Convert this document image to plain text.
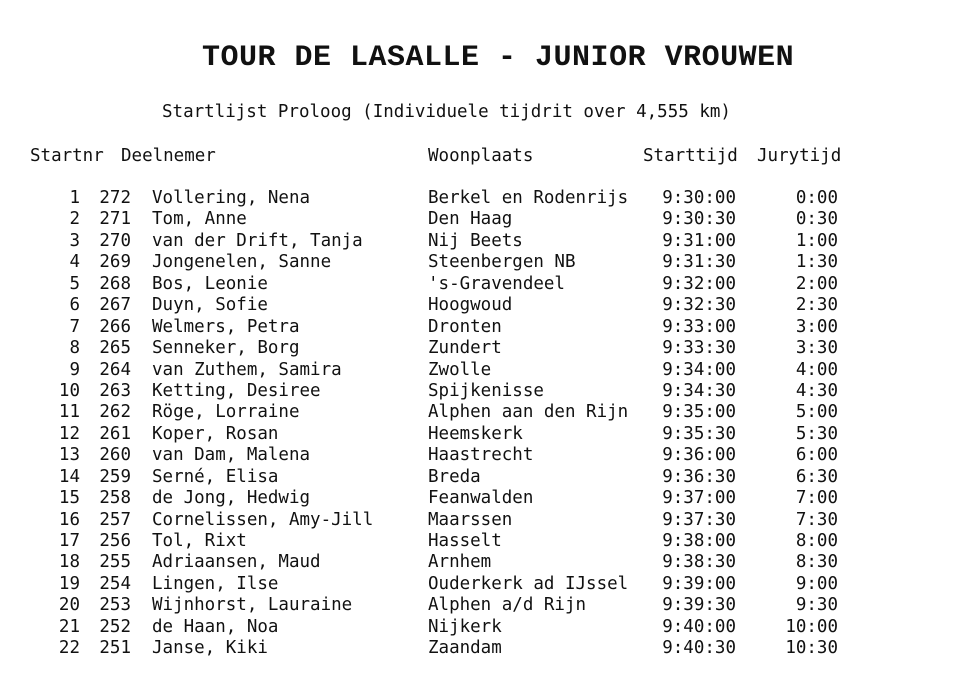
TOUR DE LASALLE - JUNIOR VROUWEN
Startlijst Proloog (Individuele tijdrit over 4,555 km)
Startnr Deelnemer	Woonplaats	Starttijd Jurytijd
1 272 Vollering, Nena	Berkel en Rodenrijs	9:30:00	0:00
2 271 Tom, Anne	Den Haag	9:30:30	0:30
3 270 van der Drift, Tanja	Nij Beets	9:31:00	1:00
4 269 Jongenelen, Sanne	Steenbergen NB	9:31:30	1:30
5 268 Bos, Leonie	's-Gravendeel	9:32:00	2:00
6 267 Duyn, Sofie	Hoogwoud	9:32:30	2:30
7 266 Welmers, Petra	Dronten	9:33:00	3:00
8 265 Senneker, Borg	Zundert	9:33:30	3:30
9 264 van Zuthem, Samira	Zwolle	9:34:00	4:00
10 263 Ketting, Desiree	Spijkenisse	9:34:30	4:30
11 262 Röge, Lorraine	Alphen aan den Rijn	9:35:00	5:00
12 261 Koper, Rosan	Heemskerk	9:35:30	5:30
13 260 van Dam, Malena	Haastrecht	9:36:00	6:00
14 259 Serné, Elisa	Breda	9:36:30	6:30
15 258 de Jong, Hedwig	Feanwalden	9:37:00	7:00
16 257 Cornelissen, Amy-Jill	Maarssen	9:37:30	7:30
17 256 Tol, Rixt	Hasselt	9:38:00	8:00
18 255 Adriaansen, Maud	Arnhem	9:38:30	8:30
19 254 Lingen, Ilse	Ouderkerk ad IJssel	9:39:00	9:00
20 253 Wijnhorst, Lauraine	Alphen a/d Rijn	9:39:30	9:30
21 252 de Haan, Noa	Nijkerk	9:40:00	10:00
22 251 Janse, Kiki	Zaandam	9:40:30	10:30
